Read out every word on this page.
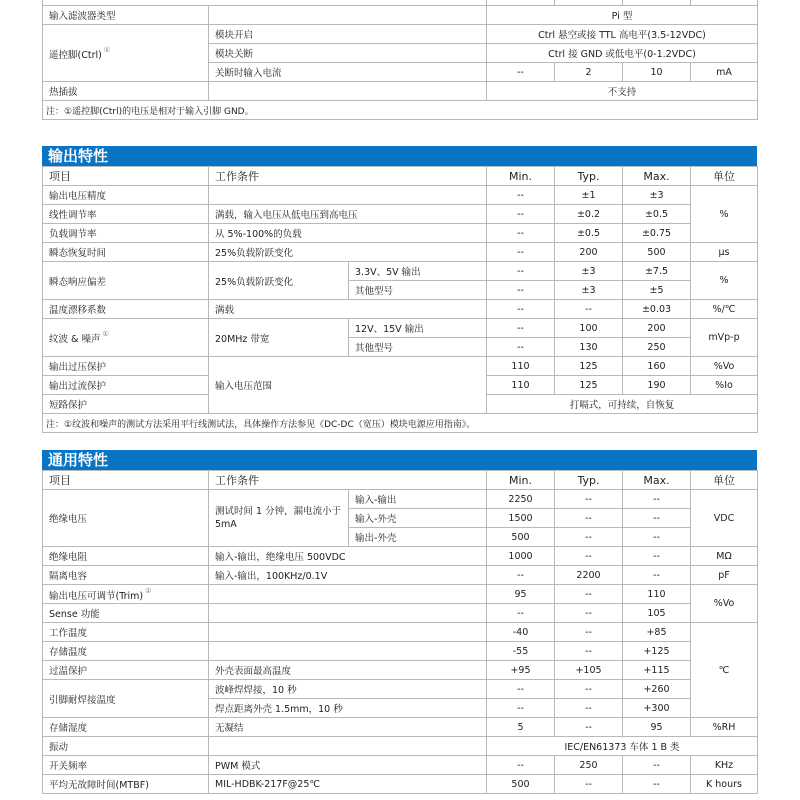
输入滤波器类型		Pi 型			
遥控脚(Ctrl) ①	模块开启	Ctrl 悬空或接 TTL 高电平(3.5-12VDC)			
	模块关断	Ctrl 接 GND 或低电平(0-1.2VDC)			
	关断时输入电流	--	2	10	mA
热插拔		不支持			
注：①遥控脚(Ctrl)的电压是相对于输入引脚 GND。					
输出特性
项目	工作条件		Min.	Typ.	Max.	单位
输出电压精度			--	±1	±3	%
线性调节率	满载，输入电压从低电压到高电压		--	±0.2	±0.5	
负载调节率	从 5%-100%的负载		--	±0.5	±0.75	
瞬态恢复时间	25%负载阶跃变化		--	200	500	μs
瞬态响应偏差	25%负载阶跃变化	3.3V、5V 输出	--	±3	±7.5	%
		其他型号	--	±3	±5	
温度漂移系数	满载		--	--	±0.03	%/℃
纹波 & 噪声 ①	20MHz 带宽	12V、15V 输出	--	100	200	mVp-p
		其他型号	--	130	250	
输出过压保护	输入电压范围		110	125	160	%Vo
输出过流保护			110	125	190	%Io
短路保护			打嗝式，可持续，自恢复			
注：①纹波和噪声的测试方法采用平行线测试法，具体操作方法参见《DC-DC（宽压）模块电源应用指南》。						
通用特性
项目	工作条件		Min.	Typ.	Max.	单位
绝缘电压	测试时间 1 分钟，漏电流小于 5mA	输入-输出	2250	--	--	VDC
		输入-外壳	1500	--	--	
		输出-外壳	500	--	--	
绝缘电阻	输入-输出，绝缘电压 500VDC		1000	--	--	MΩ
隔离电容	输入-输出，100KHz/0.1V		--	2200	--	pF
输出电压可调节(Trim) ①			95	--	110	%Vo
Sense 功能			--	--	105	
工作温度			-40	--	+85	℃
存储温度			-55	--	+125	
过温保护	外壳表面最高温度		+95	+105	+115	
引脚耐焊接温度	波峰焊焊接，10 秒		--	--	+260	
	焊点距离外壳 1.5mm，10 秒		--	--	+300	
存储湿度	无凝结		5	--	95	%RH
振动			IEC/EN61373 车体 1 B 类			
开关频率	PWM 模式		--	250	--	KHz
平均无故障时间(MTBF)	MIL-HDBK-217F@25℃		500	--	--	K hours
